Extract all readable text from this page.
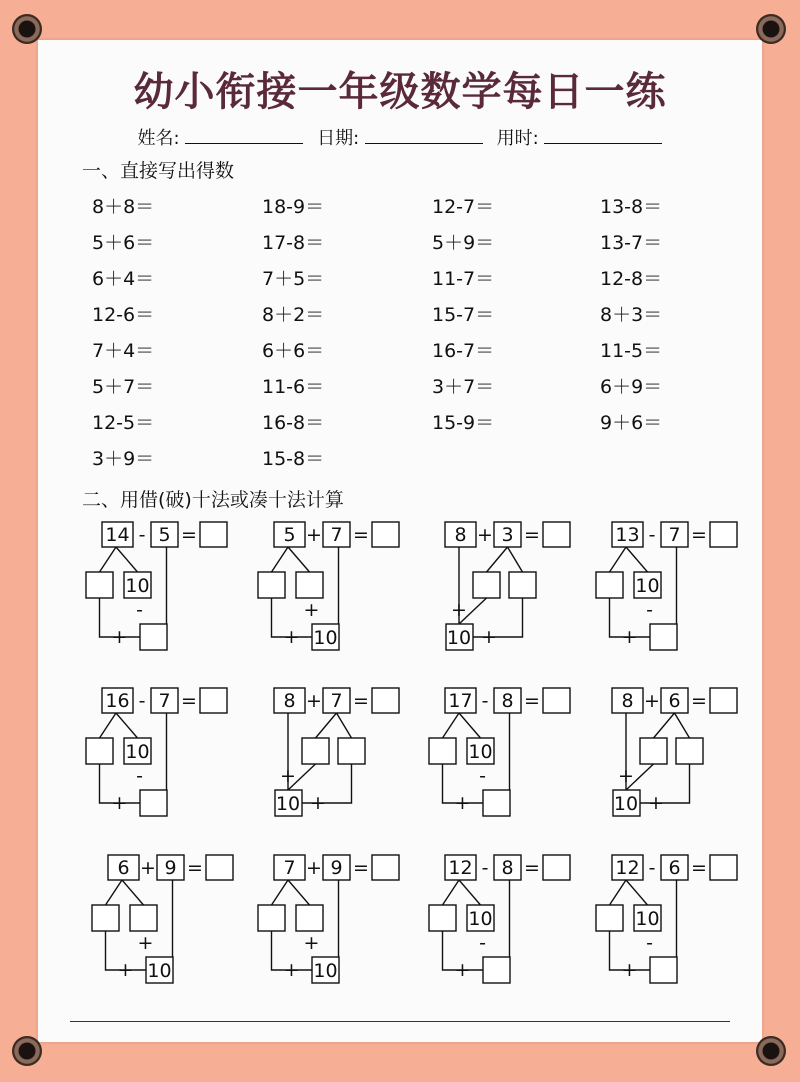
幼小衔接一年级数学每日一练
姓名:	日期:	用时:
一、直接写出得数
8＋8＝
5＋6＝
6＋4＝
12-6＝
7＋4＝
5＋7＝
12-5＝
3＋9＝
18-9＝
17-8＝
7＋5＝
8＋2＝
6＋6＝
11-6＝
16-8＝
15-8＝
12-7＝
5＋9＝
11-7＝
15-7＝
16-7＝
3＋7＝
15-9＝
13-8＝
13-7＝
12-8＝
8＋3＝
11-5＝
6＋9＝
9＋6＝
二、用借(破)十法或凑十法计算
14 - 5 =
10
-
+
5 + 7 =
+
10
+
8 + 3 =
+
10 +
13 - 7 =
10
-
+
16 - 7 =
10
-
+
8 + 7 =
+
10 +
17 - 8 =
10
-
+
8 + 6 =
+
10 +
6 + 9 =
+
10
+
7 + 9 =
+
10
+
12 - 8 =
10
-
+
12 - 6 =
10
-
+
